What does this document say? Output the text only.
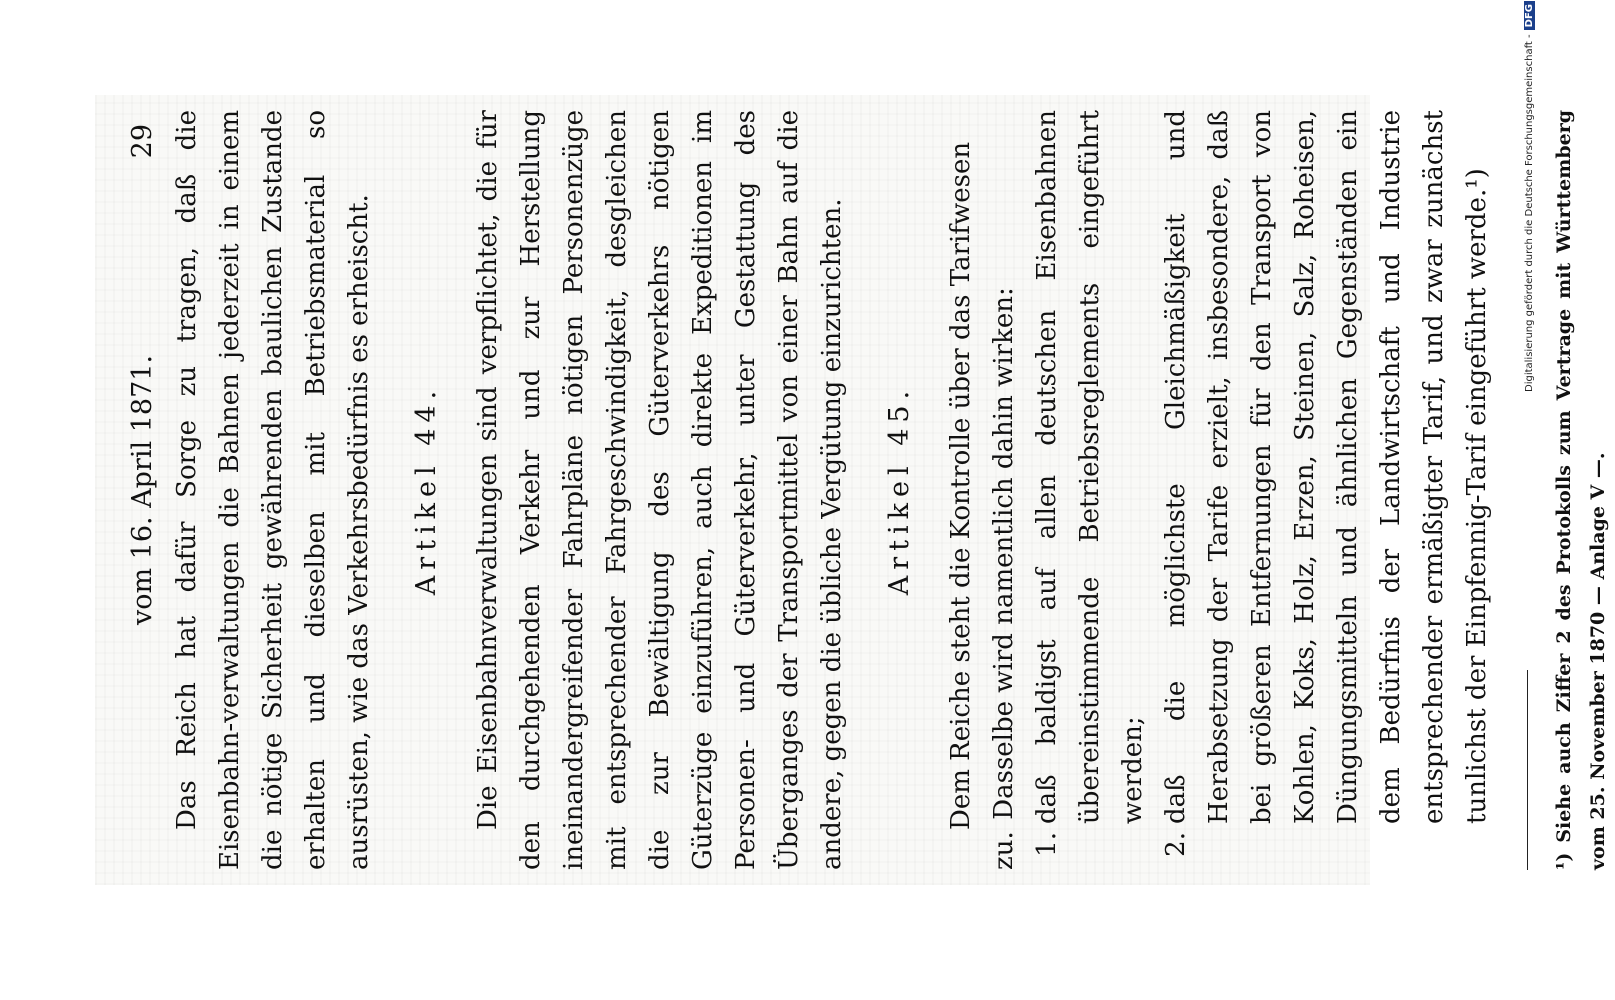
vom 16. April 1871.
29 Das Reich hat dafür Sorge zu tragen, daß die Eisenbahn-verwaltungen die Bahnen jederzeit in einem die nötige Sicherheit gewährenden baulichen Zustande erhalten und dieselben mit Betriebsmaterial so ausrüsten, wie das Verkehrsbedürfnis es erheischt. Artikel 44. Die Eisenbahnverwaltungen sind verpflichtet, die für den durchgehenden Verkehr und zur Herstellung ineinandergreifender Fahrpläne nötigen Personenzüge mit entsprechender Fahrgeschwindigkeit, desgleichen die zur Bewältigung des Güterverkehrs nötigen Güterzüge einzuführen, auch direkte Expeditionen im Personen- und Güterverkehr, unter Gestattung des Überganges der Transportmittel von einer Bahn auf die andere, gegen die übliche Vergütung einzurichten. Artikel 45. Dem Reiche steht die Kontrolle über das Tarifwesen

zu. Dasselbe wird namentlich dahin wirken:
1.
daß baldigst auf allen deutschen Eisenbahnen übereinstimmende Betriebsreglements eingeführt werden;
2.
daß die möglichste Gleichmäßigkeit und Herabsetzung der Tarife erzielt, insbesondere, daß bei größeren Entfernungen für den Transport von Kohlen, Koks, Holz, Erzen, Steinen, Salz, Roheisen, Düngungsmitteln und ähnlichen Gegenständen ein dem Bedürfnis der Landwirtschaft und Industrie entsprechender ermäßigter Tarif, und zwar zunächst tunlichst der Einpfennig-Tarif eingeführt werde.¹)	¹) Siehe auch Ziffer 2 des Protokolls zum Vertrage mit Württemberg vom 25. November 1870 — Anlage V —.

Digitalisierung gefördert durch die Deutsche Forschungsgemeinschaft -DFG
